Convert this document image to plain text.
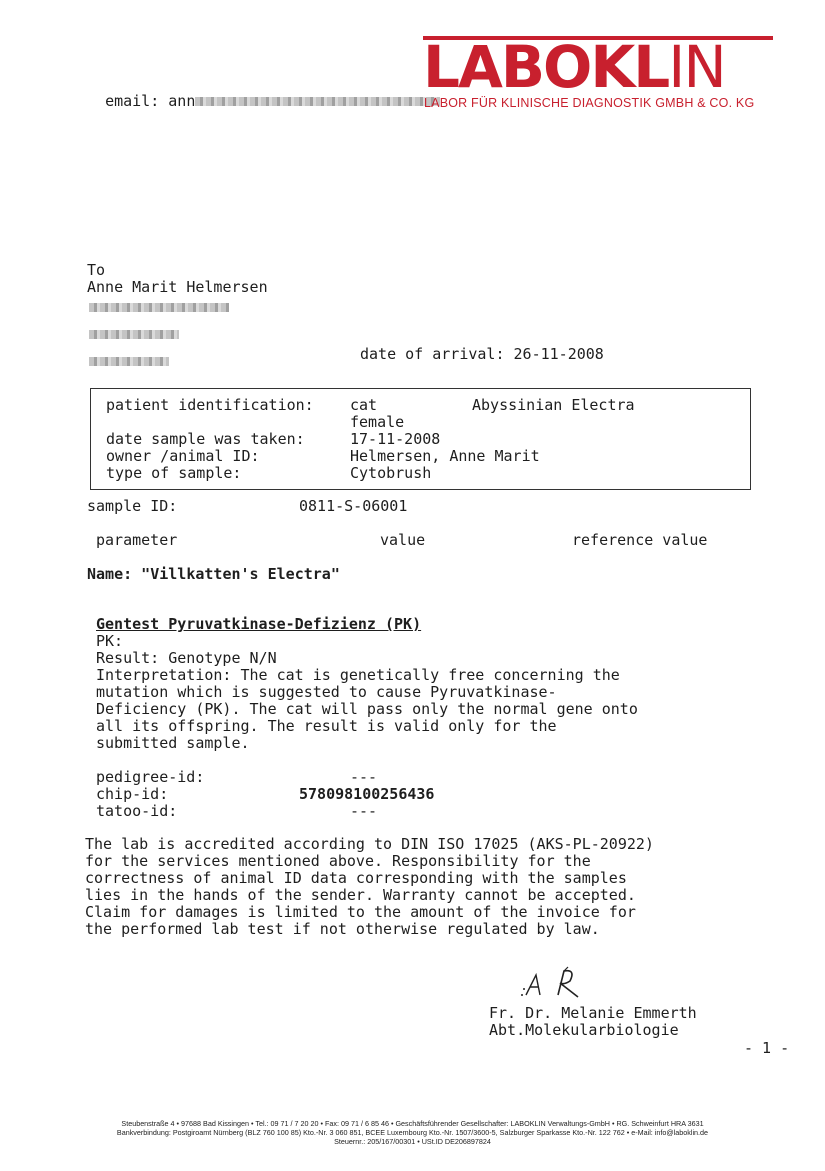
email: ann	LABOKLIN
LABOR FÜR KLINISCHE DIAGNOSTIK GMBH & CO. KG
To
Anne Marit Helmersen
date of arrival: 26-11-2008
patient identification: cat	Abyssinian Electra
female
date sample was taken:	17-11-2008
owner /animal ID:	Helmersen, Anne Marit
type of sample:	Cytobrush
sample ID:	0811-S-06001
parameter	value	reference value
Name: "Villkatten's Electra"
Gentest Pyruvatkinase-Defizienz (PK)
PK:
Result: Genotype N/N
Interpretation: The cat is genetically free concerning the
mutation which is suggested to cause Pyruvatkinase-
Deficiency (PK). The cat will pass only the normal gene onto
all its offspring. The result is valid only for the
submitted sample.
pedigree-id:	---
chip-id:	578098100256436
tatoo-id:	---
The lab is accredited according to DIN ISO 17025 (AKS-PL-20922)
for the services mentioned above. Responsibility for the
correctness of animal ID data corresponding with the samples
lies in the hands of the sender. Warranty cannot be accepted.
Claim for damages is limited to the amount of the invoice for
the performed lab test if not otherwise regulated by law.
Fr. Dr. Melanie Emmerth
Abt.Molekularbiologie
- 1 -
Steubenstraße 4 • 97688 Bad Kissingen • Tel.: 09 71 / 7 20 20 • Fax: 09 71 / 6 85 46 • Geschäftsführender Gesellschafter: LABOKLIN Verwaltungs-GmbH • RG. Schweinfurt HRA 3631
Bankverbindung: Postgiroamt Nürnberg (BLZ 760 100 85) Kto.-Nr. 3 060 851, BCEE Luxembourg Kto.-Nr. 1507/3600-5, Salzburger Sparkasse Kto.-Nr. 122 762 • e-Mail: info@laboklin.de
Steuernr.: 205/167/00301 • USt.ID DE206897824
